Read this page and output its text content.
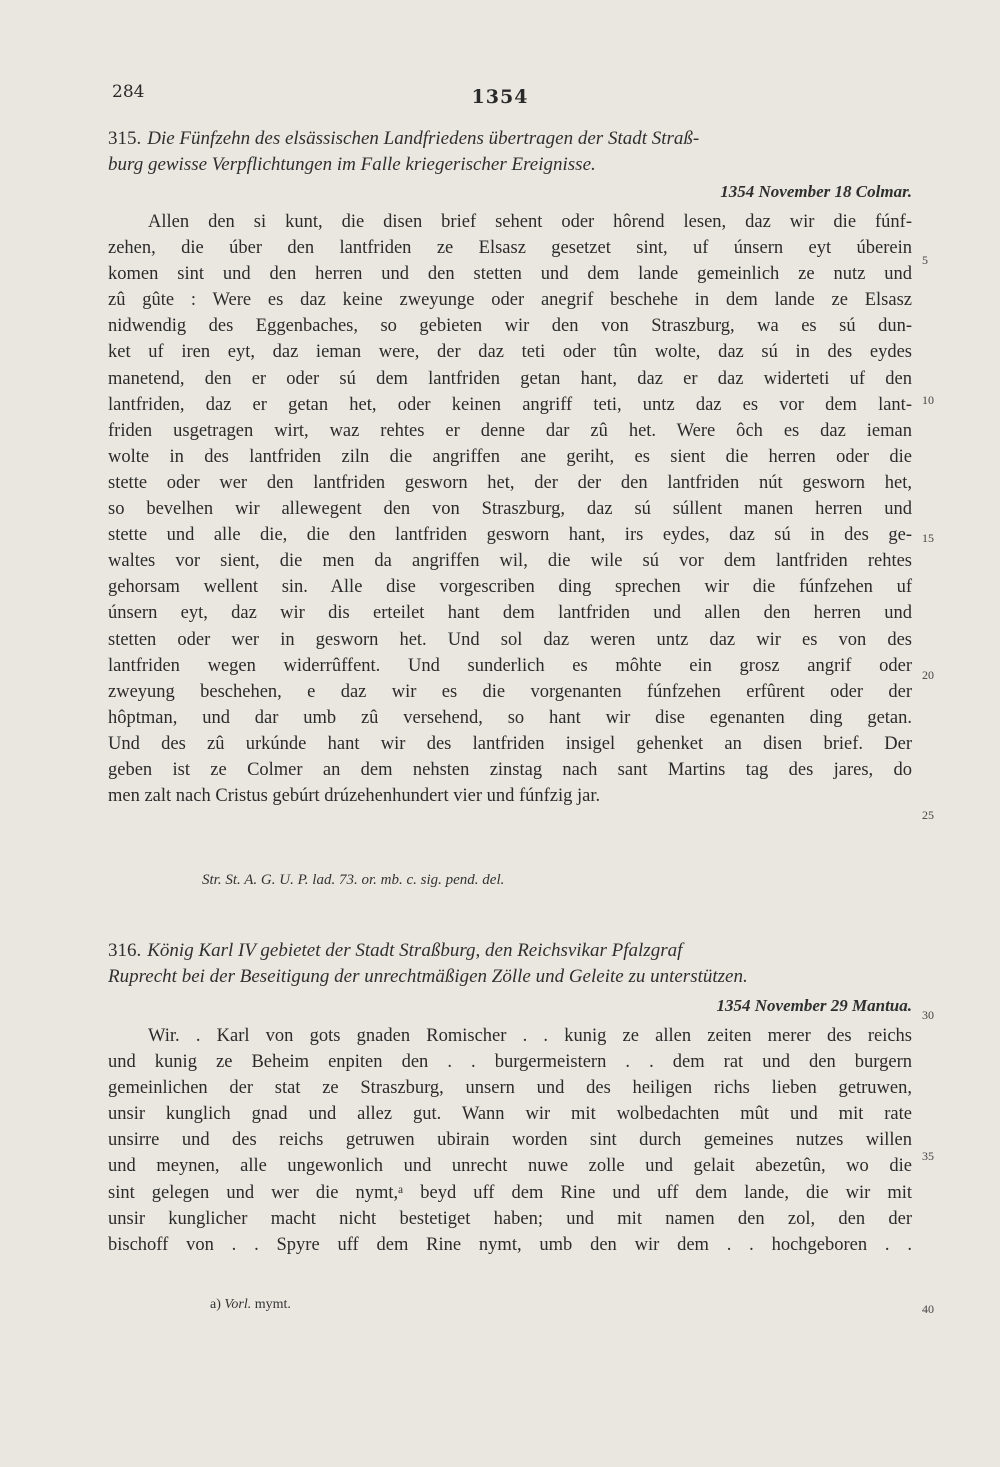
284	1354
315. Die Fünfzehn des elsässischen Landfriedens übertragen der Stadt Straß-
burg gewisse Verpflichtungen im Falle kriegerischer Ereignisse.
1354 November 18 Colmar.
Allen den si kunt, die disen brief sehent oder hôrend lesen, daz wir die fúnf-
zehen, die úber den lantfriden ze Elsasz gesetzet sint, uf únsern eyt úberein
komen sint und den herren und den stetten und dem lande gemeinlich ze nutz und
zû gûte : Were es daz keine zweyunge oder anegrif beschehe in dem lande ze Elsasz
nidwendig des Eggenbaches, so gebieten wir den von Straszburg, wa es sú dun-
ket uf iren eyt, daz ieman were, der daz teti oder tûn wolte, daz sú in des eydes
manetend, den er oder sú dem lantfriden getan hant, daz er daz widerteti uf den
lantfriden, daz er getan het, oder keinen angriff teti, untz daz es vor dem lant-
friden usgetragen wirt, waz rehtes er denne dar zû het. Were ôch es daz ieman
wolte in des lantfriden ziln die angriffen ane geriht, es sient die herren oder die
stette oder wer den lantfriden gesworn het, der der den lantfriden nút gesworn het,
so bevelhen wir allewegent den von Straszburg, daz sú súllent manen herren und
stette und alle die, die den lantfriden gesworn hant, irs eydes, daz sú in des ge-
waltes vor sient, die men da angriffen wil, die wile sú vor dem lantfriden rehtes
gehorsam wellent sin. Alle dise vorgescriben ding sprechen wir die fúnfzehen uf
únsern eyt, daz wir dis erteilet hant dem lantfriden und allen den herren und
stetten oder wer in gesworn het. Und sol daz weren untz daz wir es von des
lantfriden wegen widerrûffent. Und sunderlich es môhte ein grosz angrif oder
zweyung beschehen, e daz wir es die vorgenanten fúnfzehen erfûrent oder der
hôptman, und dar umb zû versehend, so hant wir dise egenanten ding getan.
Und des zû urkúnde hant wir des lantfriden insigel gehenket an disen brief. Der
geben ist ze Colmer an dem nehsten zinstag nach sant Martins tag des jares, do
men zalt nach Cristus gebúrt drúzehenhundert vier und fúnfzig jar.
Str. St. A. G. U. P. lad. 73. or. mb. c. sig. pend. del.
316. König Karl IV gebietet der Stadt Straßburg, den Reichsvikar Pfalzgraf
Ruprecht bei der Beseitigung der unrechtmäßigen Zölle und Geleite zu unterstützen.
1354 November 29 Mantua.
Wir. . Karl von gots gnaden Romischer . . kunig ze allen zeiten merer des reichs
und kunig ze Beheim enpiten den . . burgermeistern . . dem rat und den burgern
gemeinlichen der stat ze Straszburg, unsern und des heiligen richs lieben getruwen,
unsir kunglich gnad und allez gut. Wann wir mit wolbedachten mût und mit rate
unsirre und des reichs getruwen ubirain worden sint durch gemeines nutzes willen
und meynen, alle ungewonlich und unrecht nuwe zolle und gelait abezetûn, wo die
sint gelegen und wer die nymt,ᵃ beyd uff dem Rine und uff dem lande, die wir mit
unsir kunglicher macht nicht bestetiget haben; und mit namen den zol, den der
bischoff von . . Spyre uff dem Rine nymt, umb den wir dem . . hochgeboren . .
a) Vorl. mymt.
5
10
15
20
25
30
35
40
